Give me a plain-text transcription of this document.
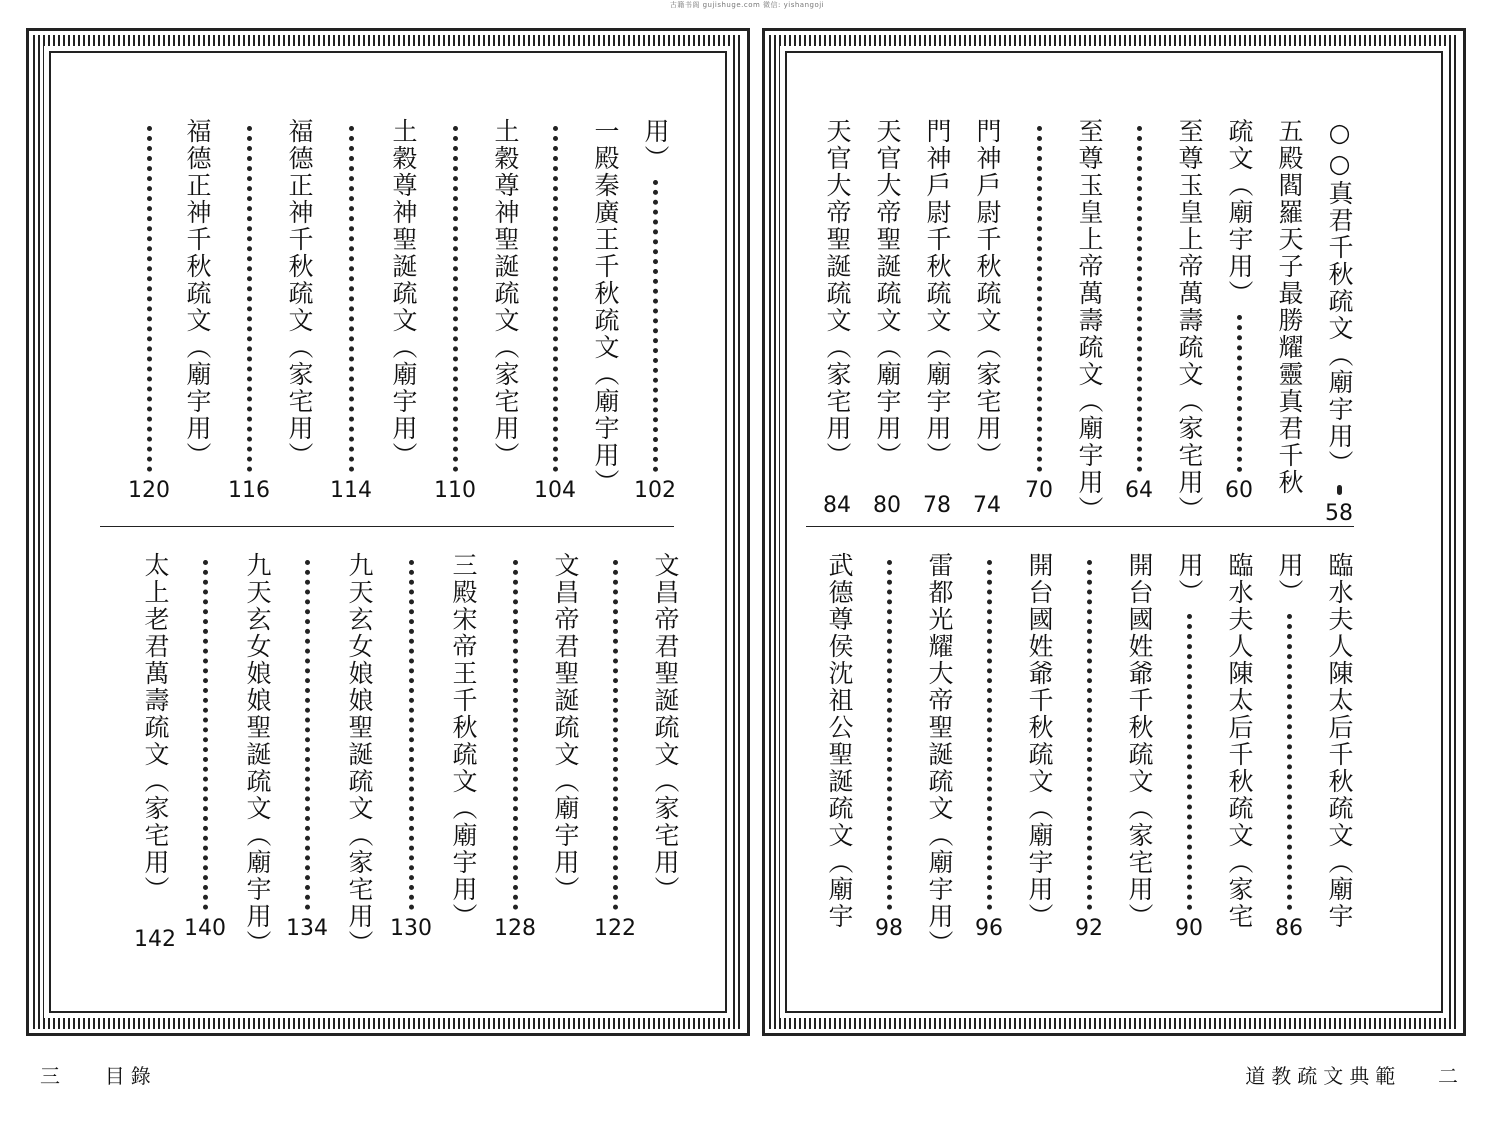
古籍书阁 gujishuge.com 微信: yishangoji
○○真君千秋疏文（廟宇用）
58
五殿閻羅天子最勝耀靈真君千秋
疏文（廟宇用）
60
至尊玉皇上帝萬壽疏文（家宅用）
64
至尊玉皇上帝萬壽疏文（廟宇用）
70
門神戶尉千秋疏文（家宅用）
74
門神戶尉千秋疏文（廟宇用）
78
天官大帝聖誕疏文（廟宇用）
80
天官大帝聖誕疏文（家宅用）
84
臨水夫人陳太后千秋疏文（廟宇
用）
86
臨水夫人陳太后千秋疏文（家宅
用）
90
開台國姓爺千秋疏文（家宅用）
92
開台國姓爺千秋疏文（廟宇用）
96
雷都光耀大帝聖誕疏文（廟宇用）
98
武德尊侯沈祖公聖誕疏文（廟宇
用）
102
一殿秦廣王千秋疏文（廟宇用）
104
土穀尊神聖誕疏文（家宅用）
110
土穀尊神聖誕疏文（廟宇用）
114
福德正神千秋疏文（家宅用）
116
福德正神千秋疏文（廟宇用）
120
文昌帝君聖誕疏文（家宅用）
122
文昌帝君聖誕疏文（廟宇用）
128
三殿宋帝王千秋疏文（廟宇用）
130
九天玄女娘娘聖誕疏文（家宅用）
134
九天玄女娘娘聖誕疏文（廟宇用）
140
太上老君萬壽疏文（家宅用）
142
三 目錄	道教疏文典範 二
